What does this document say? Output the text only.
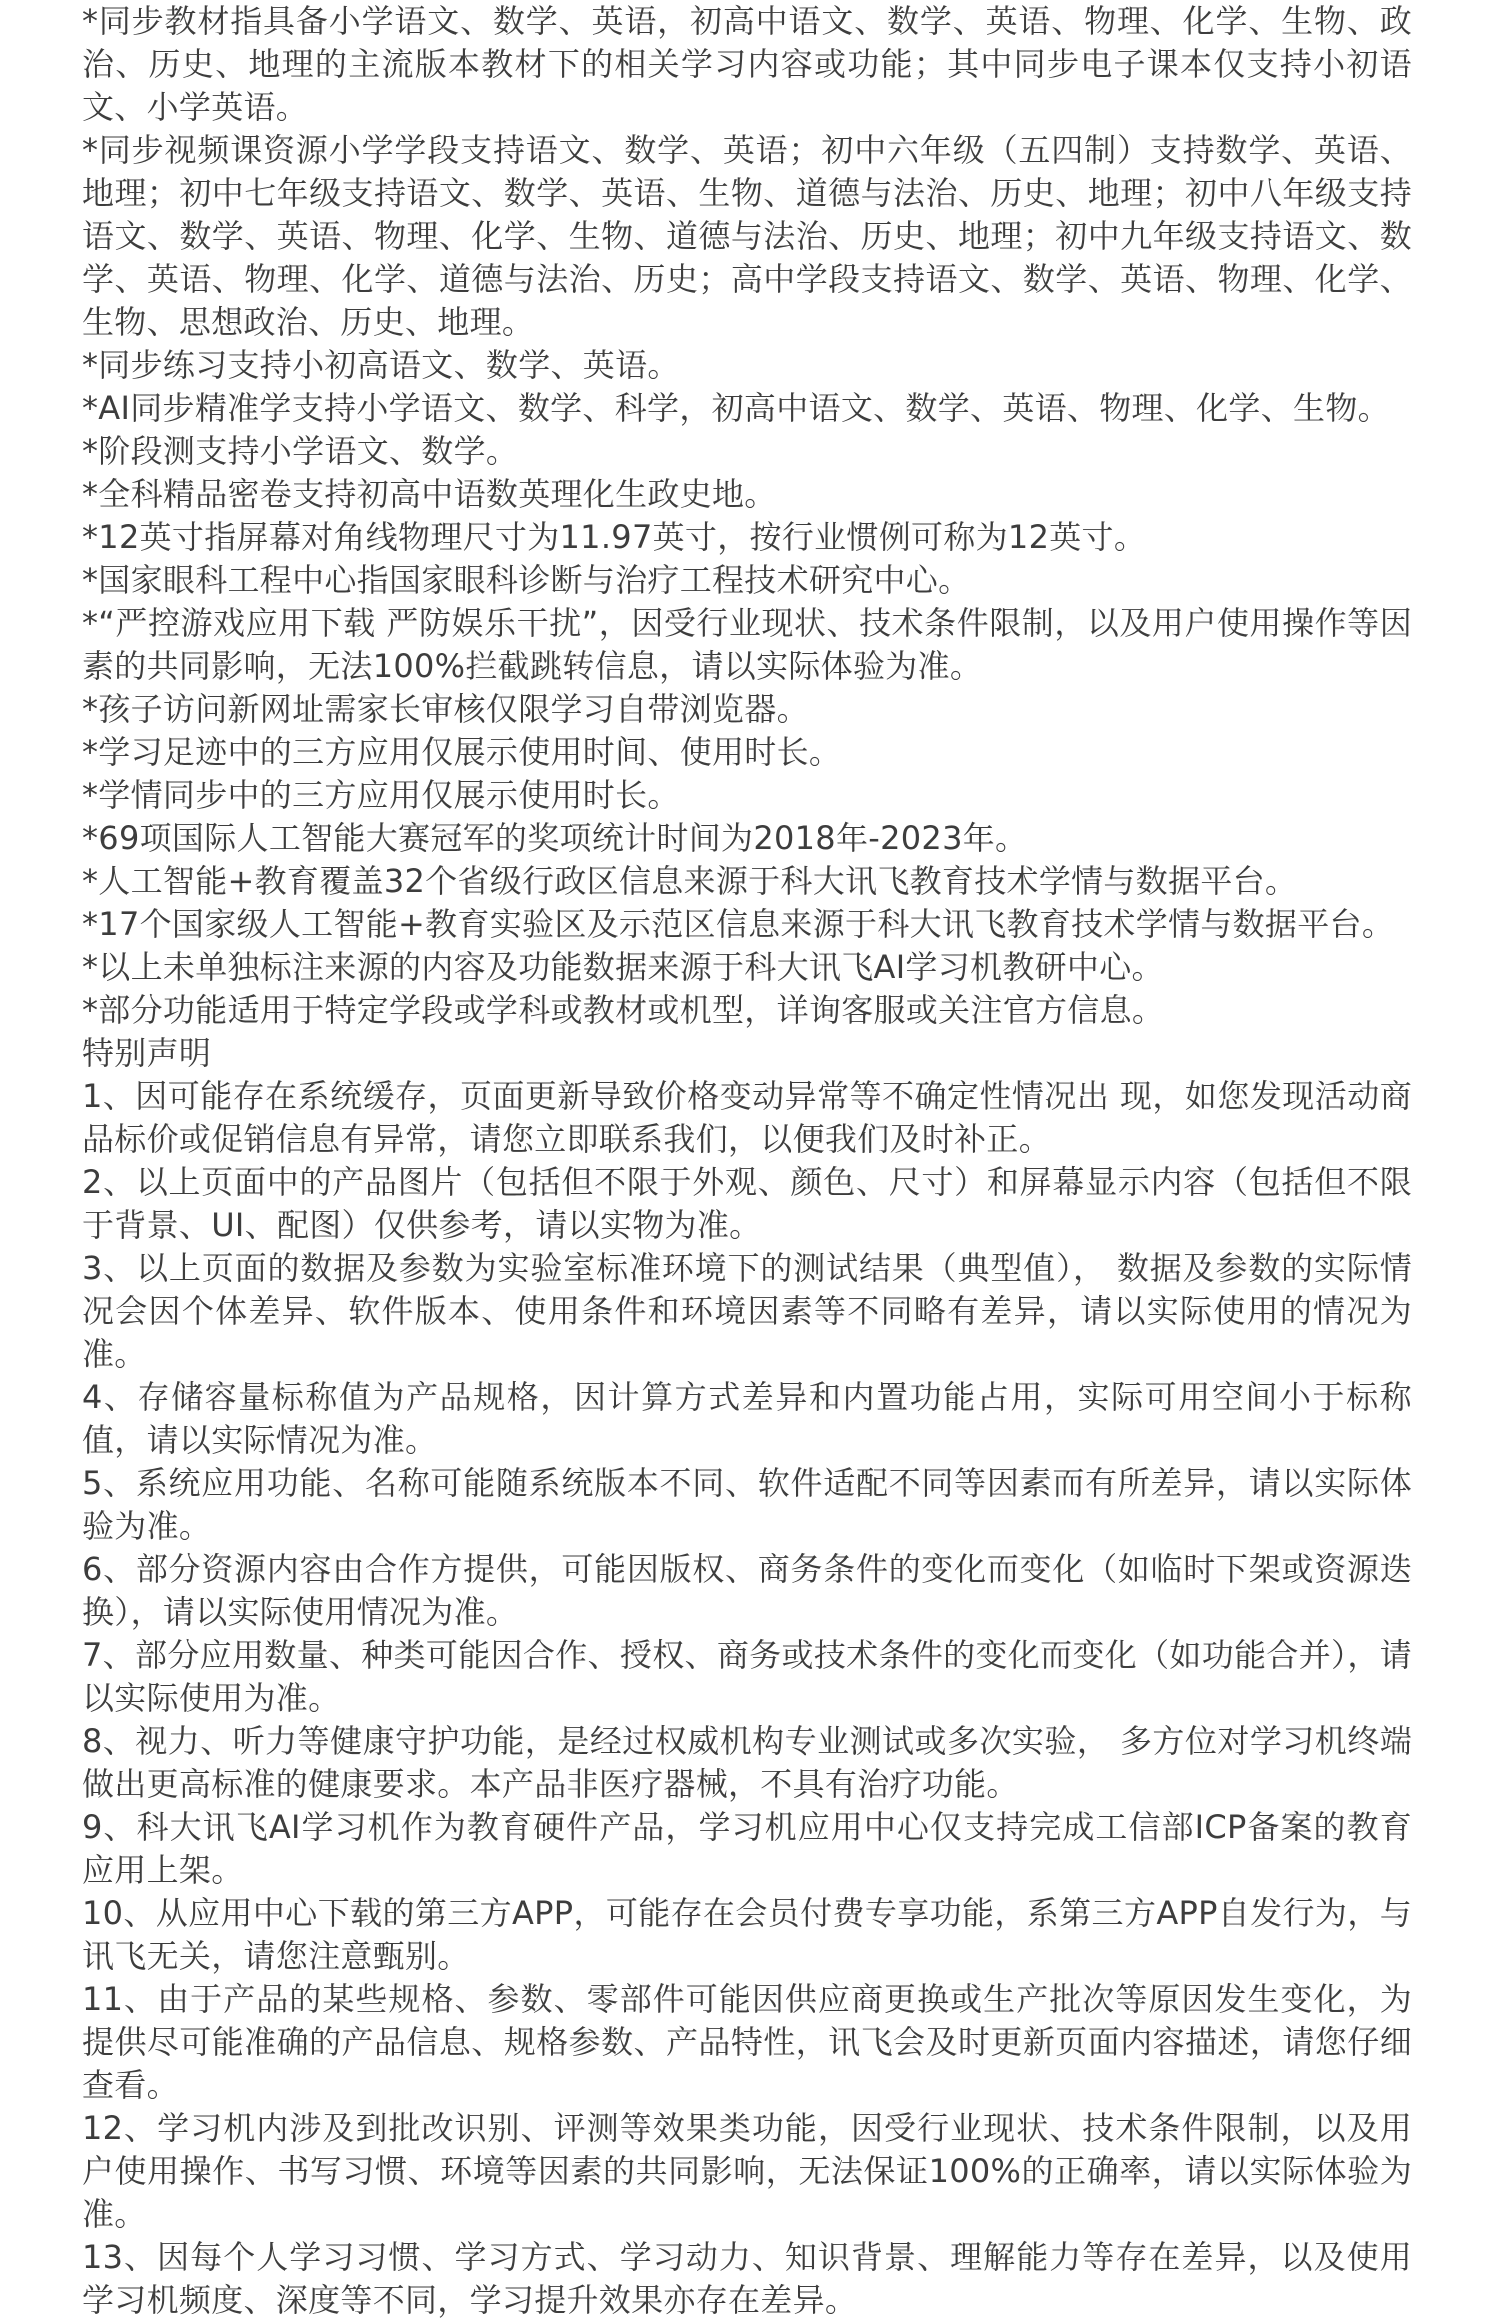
*同步教材指具备小学语文、数学、英语，初高中语文、数学、英语、物理、化学、生物、政治、历史、地理的主流版本教材下的相关学习内容或功能；其中同步电子课本仅支持小初语文、小学英语。

*同步视频课资源小学学段支持语文、数学、英语；初中六年级（五四制）支持数学、英语、地理；初中七年级支持语文、数学、英语、生物、道德与法治、历史、地理；初中八年级支持语文、数学、英语、物理、化学、生物、道德与法治、历史、地理；初中九年级支持语文、数学、英语、物理、化学、道德与法治、历史；高中学段支持语文、数学、英语、物理、化学、生物、思想政治、历史、地理。

*同步练习支持小初高语文、数学、英语。

*AI同步精准学支持小学语文、数学、科学，初高中语文、数学、英语、物理、化学、生物。

*阶段测支持小学语文、数学。

*全科精品密卷支持初高中语数英理化生政史地。

*12英寸指屏幕对角线物理尺寸为11.97英寸，按行业惯例可称为12英寸。

*国家眼科工程中心指国家眼科诊断与治疗工程技术研究中心。

*“严控游戏应用下载 严防娱乐干扰”，因受行业现状、技术条件限制，以及用户使用操作等因素的共同影响，无法100%拦截跳转信息，请以实际体验为准。

*孩子访问新网址需家长审核仅限学习自带浏览器。

*学习足迹中的三方应用仅展示使用时间、使用时长。

*学情同步中的三方应用仅展示使用时长。

*69项国际人工智能大赛冠军的奖项统计时间为2018年-2023年。

*人工智能+教育覆盖32个省级行政区信息来源于科大讯飞教育技术学情与数据平台。

*17个国家级人工智能+教育实验区及示范区信息来源于科大讯飞教育技术学情与数据平台。

*以上未单独标注来源的内容及功能数据来源于科大讯飞AI学习机教研中心。

*部分功能适用于特定学段或学科或教材或机型，详询客服或关注官方信息。

特别声明

1、因可能存在系统缓存，页面更新导致价格变动异常等不确定性情况出 现，如您发现活动商品标价或促销信息有异常，请您立即联系我们，以便我们及时补正。

2、以上页面中的产品图片（包括但不限于外观、颜色、尺寸）和屏幕显示内容（包括但不限于背景、UI、配图）仅供参考，请以实物为准。

3、以上页面的数据及参数为实验室标准环境下的测试结果（典型值）， 数据及参数的实际情况会因个体差异、软件版本、使用条件和环境因素等不同略有差异，请以实际使用的情况为准。

4、存储容量标称值为产品规格，因计算方式差异和内置功能占用，实际可用空间小于标称值，请以实际情况为准。

5、系统应用功能、名称可能随系统版本不同、软件适配不同等因素而有所差异，请以实际体验为准。

6、部分资源内容由合作方提供，可能因版权、商务条件的变化而变化（如临时下架或资源迭换），请以实际使用情况为准。

7、部分应用数量、种类可能因合作、授权、商务或技术条件的变化而变化（如功能合并），请以实际使用为准。

8、视力、听力等健康守护功能，是经过权威机构专业测试或多次实验， 多方位对学习机终端做出更高标准的健康要求。本产品非医疗器械，不具有治疗功能。

9、科大讯飞AI学习机作为教育硬件产品，学习机应用中心仅支持完成工信部ICP备案的教育应用上架。

10、从应用中心下载的第三方APP，可能存在会员付费专享功能，系第三方APP自发行为，与讯飞无关，请您注意甄别。

11、由于产品的某些规格、参数、零部件可能因供应商更换或生产批次等原因发生变化，为提供尽可能准确的产品信息、规格参数、产品特性，讯飞会及时更新页面内容描述，请您仔细查看。

12、学习机内涉及到批改识别、评测等效果类功能，因受行业现状、技术条件限制，以及用户使用操作、书写习惯、环境等因素的共同影响，无法保证100%的正确率，请以实际体验为准。

13、因每个人学习习惯、学习方式、学习动力、知识背景、理解能力等存在差异，以及使用学习机频度、深度等不同，学习提升效果亦存在差异。
